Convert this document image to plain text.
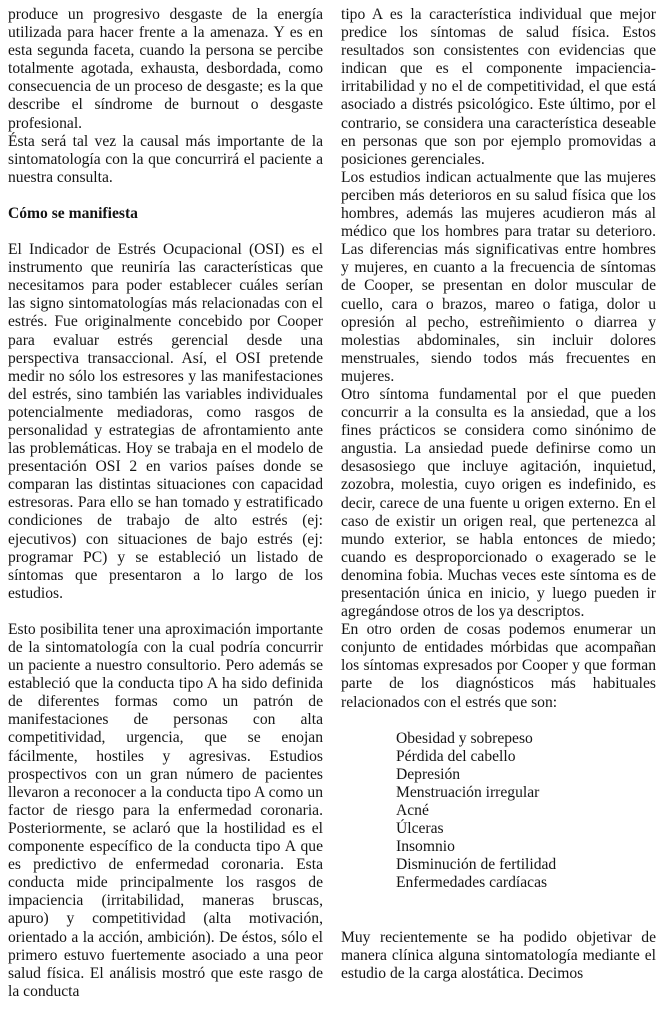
produce un progresivo desgaste de la energía utilizada para hacer frente a la amenaza. Y es en esta segunda faceta, cuando la persona se percibe totalmente agotada, exhausta, desbordada, como consecuencia de un proceso de desgaste; es la que describe el síndrome de burnout o desgaste profesional.

Ésta será tal vez la causal más importante de la sintomatología con la que concurrirá el paciente a nuestra consulta.

Cómo se manifiesta

El Indicador de Estrés Ocupacional (OSI) es el instrumento que reuniría las características que necesitamos para poder establecer cuáles serían las signo sintomatologías más relacionadas con el estrés. Fue originalmente concebido por Cooper para evaluar estrés gerencial desde una perspectiva transaccional. Así, el OSI pretende medir no sólo los estresores y las manifestaciones del estrés, sino también las variables individuales potencialmente mediadoras, como rasgos de personalidad y estrategias de afrontamiento ante las problemáticas. Hoy se trabaja en el modelo de presentación OSI 2 en varios países donde se comparan las distintas situaciones con capacidad estresoras. Para ello se han tomado y estratificado condiciones de trabajo de alto estrés (ej: ejecutivos) con situaciones de bajo estrés (ej: programar PC) y se estableció un listado de síntomas que presentaron a lo largo de los estudios.

Esto posibilita tener una aproximación importante de la sintomatología con la cual podría concurrir un paciente a nuestro consultorio. Pero además se estableció que la conducta tipo A ha sido definida de diferentes formas como un patrón de manifestaciones de personas con alta competitividad, urgencia, que se enojan fácilmente, hostiles y agresivas. Estudios prospectivos con un gran número de pacientes llevaron a reconocer a la conducta tipo A como un factor de riesgo para la enfermedad coronaria. Posteriormente, se aclaró que la hostilidad es el componente específico de la conducta tipo A que es predictivo de enfermedad coronaria. Esta conducta mide principalmente los rasgos de impaciencia (irritabilidad, maneras bruscas, apuro) y competitividad (alta motivación, orientado a la acción, ambición). De éstos, sólo el primero estuvo fuertemente asociado a una peor salud física. El análisis mostró que este rasgo de la conducta

tipo A es la característica individual que mejor predice los síntomas de salud física. Estos resultados son consistentes con evidencias que indican que es el componente impaciencia-irritabilidad y no el de competitividad, el que está asociado a distrés psicológico. Este último, por el contrario, se considera una característica deseable en personas que son por ejemplo promovidas a posiciones gerenciales.

Los estudios indican actualmente que las mujeres perciben más deterioros en su salud física que los hombres, además las mujeres acudieron más al médico que los hombres para tratar su deterioro. Las diferencias más significativas entre hombres y mujeres, en cuanto a la frecuencia de síntomas de Cooper, se presentan en dolor muscular de cuello, cara o brazos, mareo o fatiga, dolor u opresión al pecho, estreñimiento o diarrea y molestias abdominales, sin incluir dolores menstruales, siendo todos más frecuentes en mujeres.

Otro síntoma fundamental por el que pueden concurrir a la consulta es la ansiedad, que a los fines prácticos se considera como sinónimo de angustia. La ansiedad puede definirse como un desasosiego que incluye agitación, inquietud, zozobra, molestia, cuyo origen es indefinido, es decir, carece de una fuente u origen externo. En el caso de existir un origen real, que pertenezca al mundo exterior, se habla entonces de miedo; cuando es desproporcionado o exagerado se le denomina fobia. Muchas veces este síntoma es de presentación única en inicio, y luego pueden ir agregándose otros de los ya descriptos.

En otro orden de cosas podemos enumerar un conjunto de entidades mórbidas que acompañan los síntomas expresados por Cooper y que forman parte de los diagnósticos más habituales relacionados con el estrés que son:

Obesidad y sobrepeso
Pérdida del cabello
Depresión
Menstruación irregular
Acné
Úlceras
Insomnio
Disminución de fertilidad
Enfermedades cardíacas

Muy recientemente se ha podido objetivar de manera clínica alguna sintomatología mediante el estudio de la carga alostática. Decimos
